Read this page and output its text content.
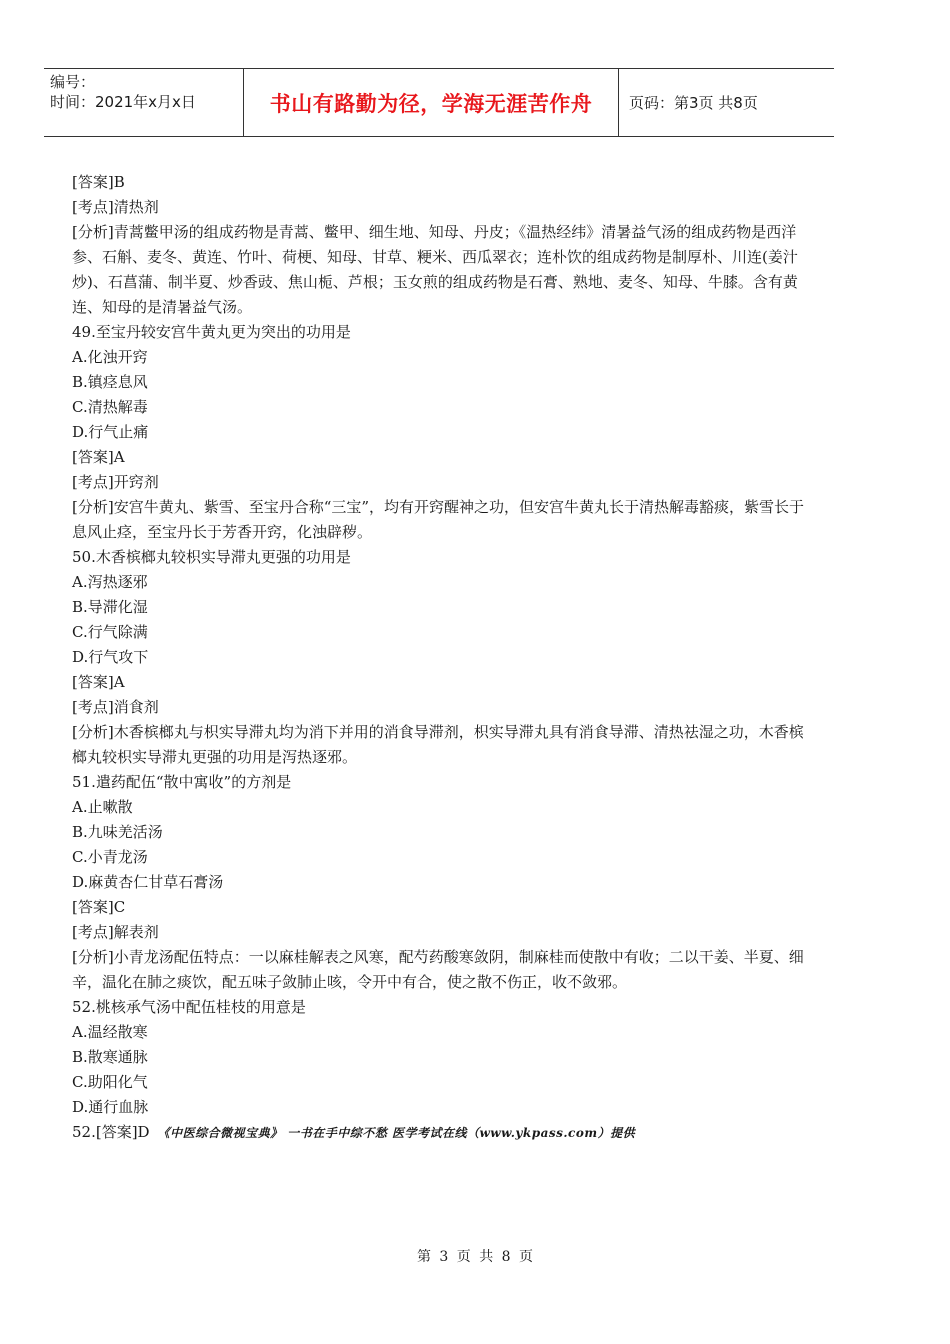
编号：
时间：2021年x月x日	书山有路勤为径，学海无涯苦作舟	页码：第3页 共8页

[答案]B

[考点]清热剂

[分析]青蒿鳖甲汤的组成药物是青蒿、鳖甲、细生地、知母、丹皮；《温热经纬》清暑益气汤的组成药物是西洋参、石斛、麦冬、黄连、竹叶、荷梗、知母、甘草、粳米、西瓜翠衣；连朴饮的组成药物是制厚朴、川连(姜汁炒)、石菖蒲、制半夏、炒香豉、焦山栀、芦根；玉女煎的组成药物是石膏、熟地、麦冬、知母、牛膝。含有黄连、知母的是清暑益气汤。

49.至宝丹较安宫牛黄丸更为突出的功用是

A.化浊开窍

B.镇痉息风

C.清热解毒

D.行气止痛

[答案]A

[考点]开窍剂

[分析]安宫牛黄丸、紫雪、至宝丹合称“三宝”，均有开窍醒神之功，但安宫牛黄丸长于清热解毒豁痰，紫雪长于息风止痉，至宝丹长于芳香开窍，化浊辟秽。

50.木香槟榔丸较枳实导滞丸更强的功用是

A.泻热逐邪

B.导滞化湿

C.行气除满

D.行气攻下

[答案]A

[考点]消食剂

[分析]木香槟榔丸与枳实导滞丸均为消下并用的消食导滞剂，枳实导滞丸具有消食导滞、清热祛湿之功，木香槟榔丸较枳实导滞丸更强的功用是泻热逐邪。

51.遣药配伍“散中寓收”的方剂是

A.止嗽散

B.九味羌活汤

C.小青龙汤

D.麻黄杏仁甘草石膏汤

[答案]C

[考点]解表剂

[分析]小青龙汤配伍特点：一以麻桂解表之风寒，配芍药酸寒敛阴，制麻桂而使散中有收；二以干姜、半夏、细辛，温化在肺之痰饮，配五味子敛肺止咳，令开中有合，使之散不伤正，收不敛邪。

52.桃核承气汤中配伍桂枝的用意是

A.温经散寒

B.散寒通脉

C.助阳化气

D.通行血脉

52.[答案]D 《中医综合微视宝典》 一书在手中综不愁 医学考试在线（www.ykpass.com）提供

第 3 页 共 8 页
